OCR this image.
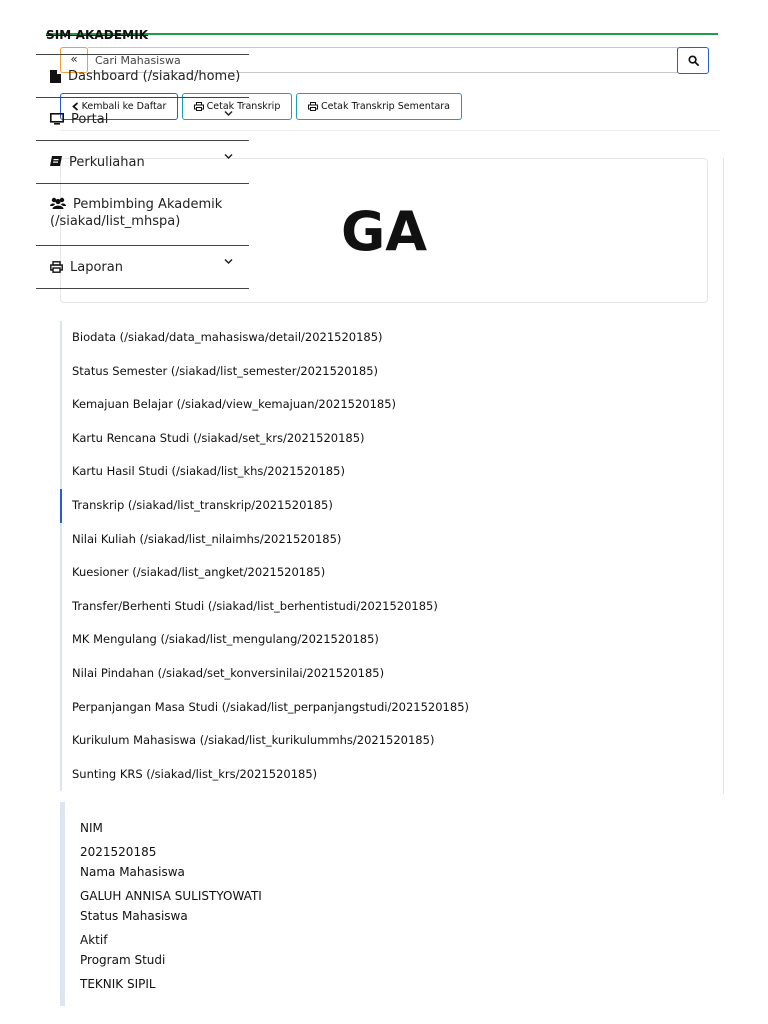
SIM AKADEMIK
«
Cari Mahasiswa
Kembali ke Daftar	Cetak Transkrip	Cetak Transkrip Sementara
GA
Dashboard (/siakad/home)
Portal
Perkuliahan
Pembimbing Akademik
(/siakad/list_mhspa)
Laporan
Biodata (/siakad/data_mahasiswa/detail/2021520185)
Status Semester (/siakad/list_semester/2021520185)
Kemajuan Belajar (/siakad/view_kemajuan/2021520185)
Kartu Rencana Studi (/siakad/set_krs/2021520185)
Kartu Hasil Studi (/siakad/list_khs/2021520185)
Transkrip (/siakad/list_transkrip/2021520185)
Nilai Kuliah (/siakad/list_nilaimhs/2021520185)
Kuesioner (/siakad/list_angket/2021520185)
Transfer/Berhenti Studi (/siakad/list_berhentistudi/2021520185)
MK Mengulang (/siakad/list_mengulang/2021520185)
Nilai Pindahan (/siakad/set_konversinilai/2021520185)
Perpanjangan Masa Studi (/siakad/list_perpanjangstudi/2021520185)
Kurikulum Mahasiswa (/siakad/list_kurikulummhs/2021520185)
Sunting KRS (/siakad/list_krs/2021520185)
NIM
2021520185
Nama Mahasiswa
GALUH ANNISA SULISTYOWATI
Status Mahasiswa
Aktif
Program Studi
TEKNIK SIPIL
